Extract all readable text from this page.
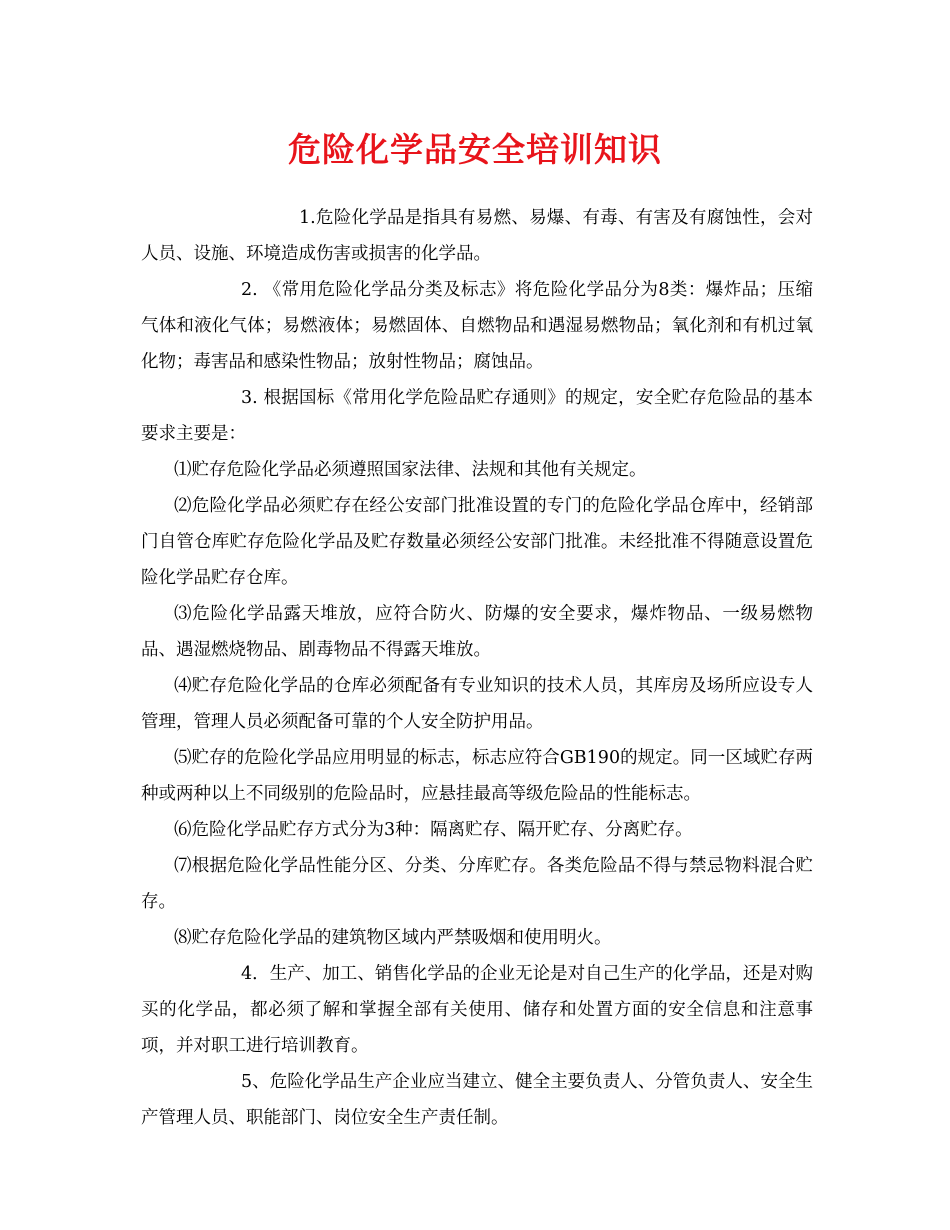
危险化学品安全培训知识

1.危险化学品是指具有易燃、易爆、有毒、有害及有腐蚀性，会对人员、设施、环境造成伤害或损害的化学品。

2. 《常用危险化学品分类及标志》将危险化学品分为8类：爆炸品；压缩气体和液化气体；易燃液体；易燃固体、自燃物品和遇湿易燃物品；氧化剂和有机过氧化物；毒害品和感染性物品；放射性物品；腐蚀品。

3. 根据国标《常用化学危险品贮存通则》的规定，安全贮存危险品的基本要求主要是：

⑴贮存危险化学品必须遵照国家法律、法规和其他有关规定。

⑵危险化学品必须贮存在经公安部门批准设置的专门的危险化学品仓库中，经销部门自管仓库贮存危险化学品及贮存数量必须经公安部门批准。未经批准不得随意设置危险化学品贮存仓库。

⑶危险化学品露天堆放，应符合防火、防爆的安全要求，爆炸物品、一级易燃物品、遇湿燃烧物品、剧毒物品不得露天堆放。

⑷贮存危险化学品的仓库必须配备有专业知识的技术人员，其库房及场所应设专人管理，管理人员必须配备可靠的个人安全防护用品。

⑸贮存的危险化学品应用明显的标志，标志应符合GB190的规定。同一区域贮存两种或两种以上不同级别的危险品时，应悬挂最高等级危险品的性能标志。

⑹危险化学品贮存方式分为3种：隔离贮存、隔开贮存、分离贮存。

⑺根据危险化学品性能分区、分类、分库贮存。各类危险品不得与禁忌物料混合贮存。

⑻贮存危险化学品的建筑物区域内严禁吸烟和使用明火。

4．生产、加工、销售化学品的企业无论是对自己生产的化学品，还是对购买的化学品，都必须了解和掌握全部有关使用、储存和处置方面的安全信息和注意事项，并对职工进行培训教育。

5、危险化学品生产企业应当建立、健全主要负责人、分管负责人、安全生产管理人员、职能部门、岗位安全生产责任制。
